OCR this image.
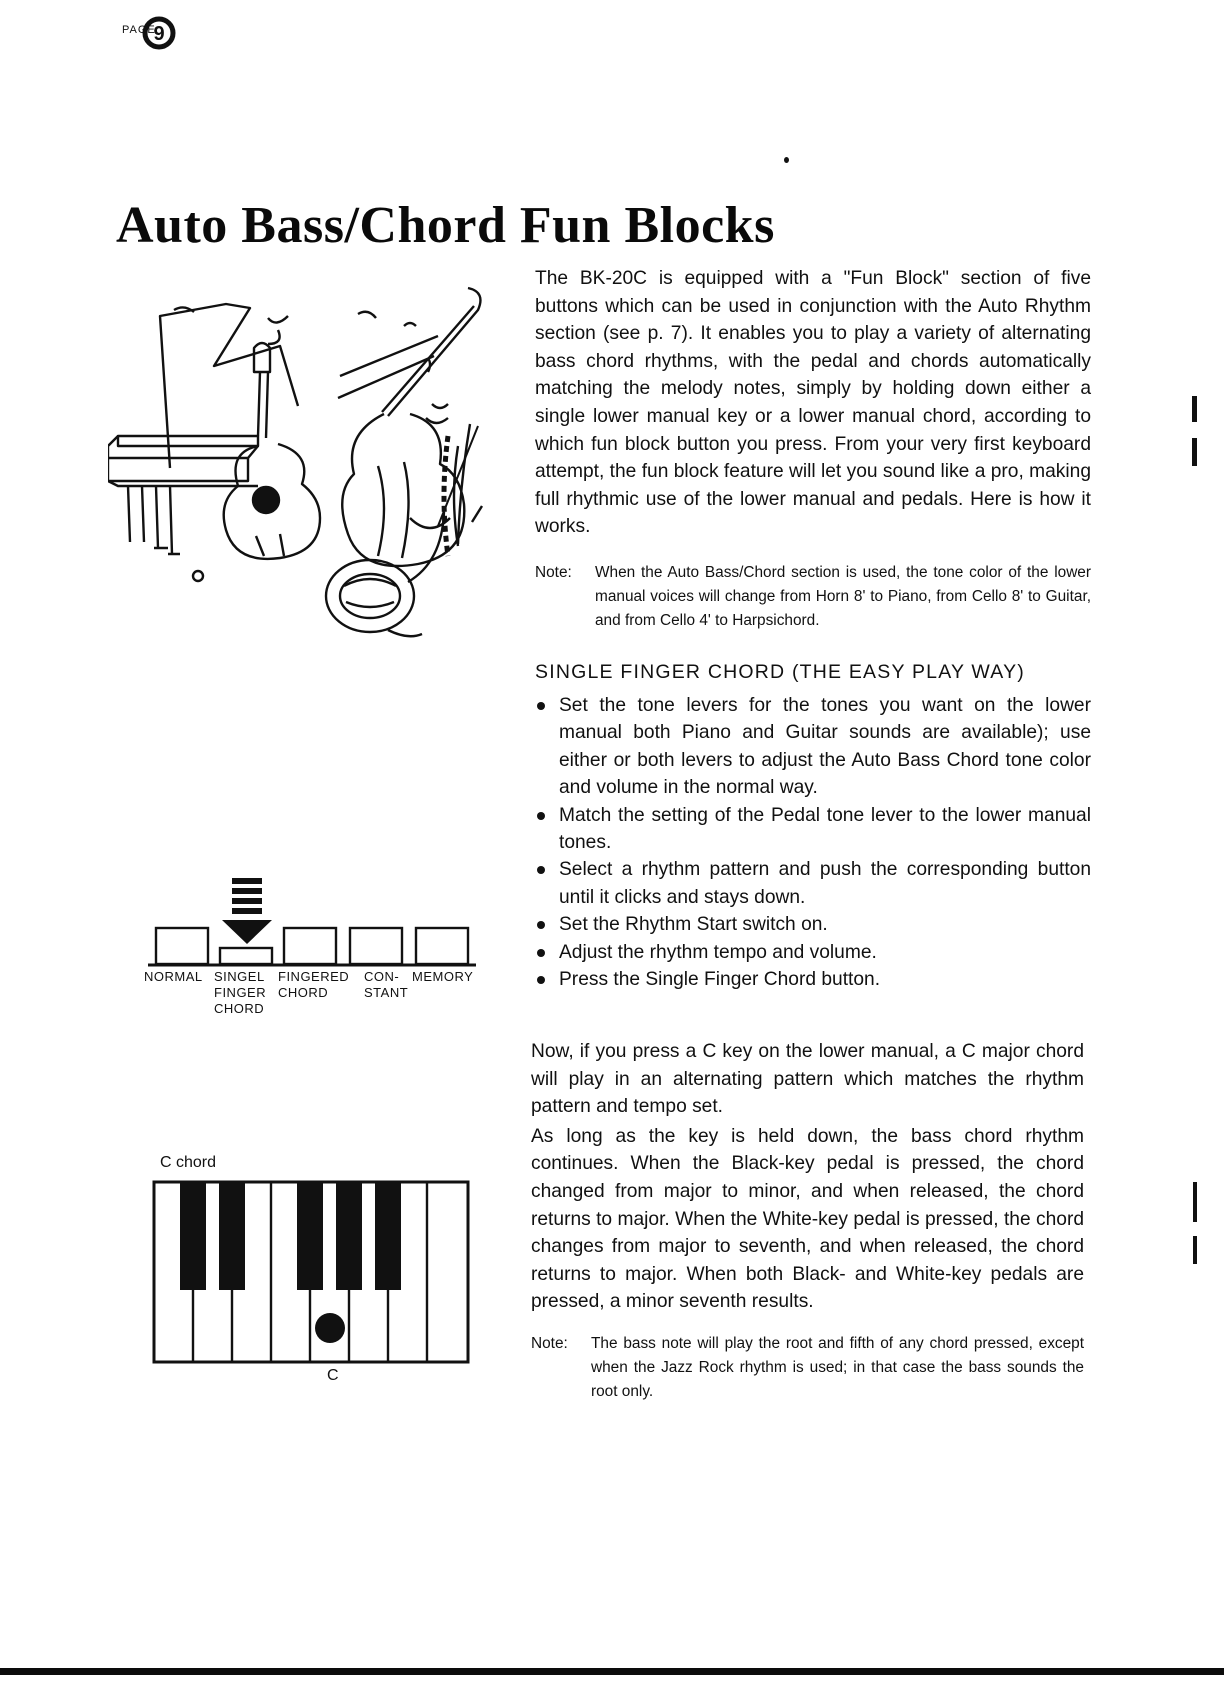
PAGE
9
Auto Bass/Chord Fun Blocks
NORMAL SINGEL
FINGER
CHORD
FINGERED
CHORD
CON-
STANT
MEMORY
C chord
C

The BK-20C is equipped with a "Fun Block" section of five buttons which can be used in conjunction with the Auto Rhythm section (see p. 7). It enables you to play a variety of alternating bass chord rhythms, with the pedal and chords automatically matching the melody notes, simply by holding down either a single lower manual key or a lower manual chord, according to which fun block button you press. From your very first keyboard attempt, the fun block feature will let you sound like a pro, making full rhythmic use of the lower manual and pedals. Here is how it works.

Note: When the Auto Bass/Chord section is used, the tone color of the lower manual voices will change from Horn 8' to Piano, from Cello 8' to Guitar, and from Cello 4' to Harpsichord.

SINGLE FINGER CHORD (THE EASY PLAY WAY)
Set the tone levers for the tones you want on the lower manual both Piano and Guitar sounds are available); use either or both levers to adjust the Auto Bass Chord tone color and volume in the normal way.
Match the setting of the Pedal tone lever to the lower manual tones.
Select a rhythm pattern and push the corresponding button until it clicks and stays down.
Set the Rhythm Start switch on.
Adjust the rhythm tempo and volume.
Press the Single Finger Chord button.

Now, if you press a C key on the lower manual, a C major chord will play in an alternating pattern which matches the rhythm pattern and tempo set.

As long as the key is held down, the bass chord rhythm continues. When the Black-key pedal is pressed, the chord changed from major to minor, and when released, the chord returns to major. When the White-key pedal is pressed, the chord changes from major to seventh, and when released, the chord returns to major. When both Black- and White-key pedals are pressed, a minor seventh results.

Note: The bass note will play the root and fifth of any chord pressed, except when the Jazz Rock rhythm is used; in that case the bass sounds the root only.
